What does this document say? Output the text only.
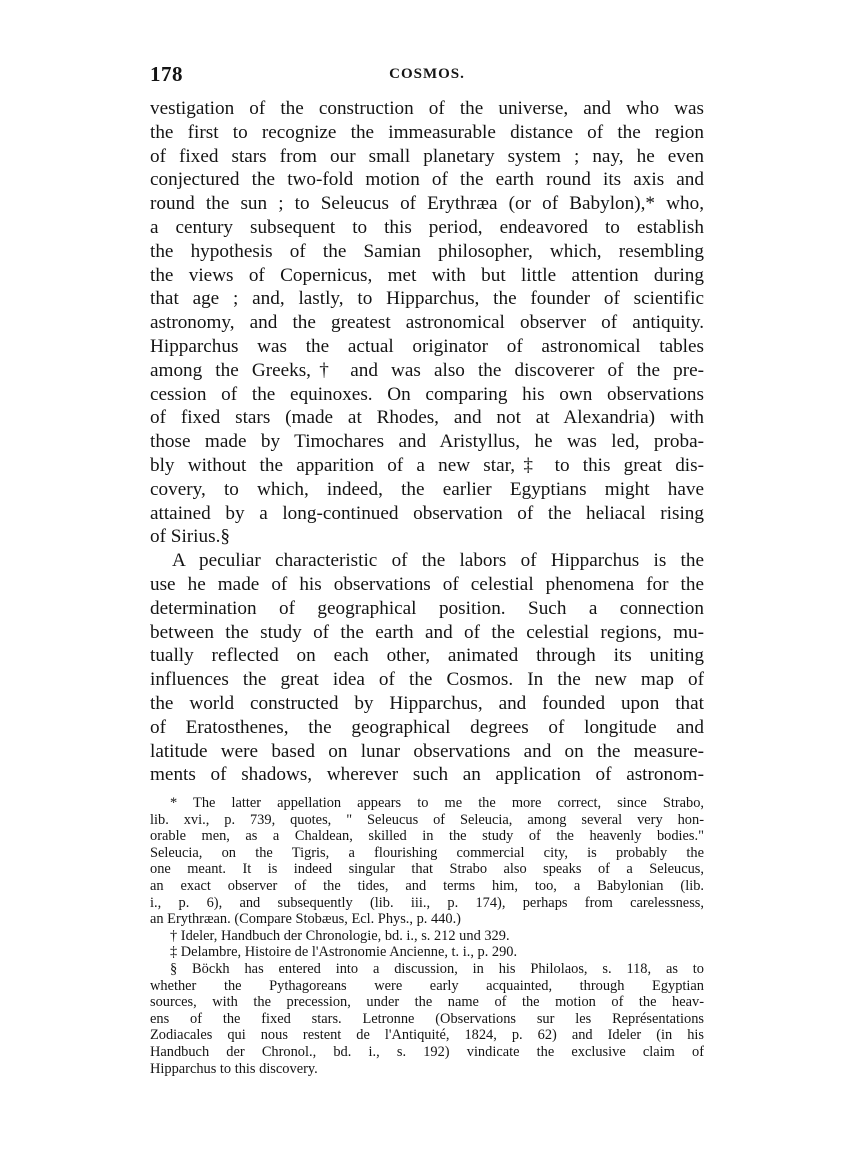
178	COSMOS.
vestigation of the construction of the universe, and who was
the first to recognize the immeasurable distance of the region
of fixed stars from our small planetary system ; nay, he even
conjectured the two-fold motion of the earth round its axis and
round the sun ; to Seleucus of Erythræa (or of Babylon),* who,
a century subsequent to this period, endeavored to establish
the hypothesis of the Samian philosopher, which, resembling
the views of Copernicus, met with but little attention during
that age ; and, lastly, to Hipparchus, the founder of scientific
astronomy, and the greatest astronomical observer of antiquity.
Hipparchus was the actual originator of astronomical tables
among the Greeks,† and was also the discoverer of the pre-
cession of the equinoxes. On comparing his own observations
of fixed stars (made at Rhodes, and not at Alexandria) with
those made by Timochares and Aristyllus, he was led, proba-
bly without the apparition of a new star,‡ to this great dis-
covery, to which, indeed, the earlier Egyptians might have
attained by a long-continued observation of the heliacal rising
of Sirius.§
A peculiar characteristic of the labors of Hipparchus is the
use he made of his observations of celestial phenomena for the
determination of geographical position. Such a connection
between the study of the earth and of the celestial regions, mu-
tually reflected on each other, animated through its uniting
influences the great idea of the Cosmos. In the new map of
the world constructed by Hipparchus, and founded upon that
of Eratosthenes, the geographical degrees of longitude and
latitude were based on lunar observations and on the measure-
ments of shadows, wherever such an application of astronom-
* The latter appellation appears to me the more correct, since Strabo,
lib. xvi., p. 739, quotes, " Seleucus of Seleucia, among several very hon-
orable men, as a Chaldean, skilled in the study of the heavenly bodies."
Seleucia, on the Tigris, a flourishing commercial city, is probably the
one meant. It is indeed singular that Strabo also speaks of a Seleucus,
an exact observer of the tides, and terms him, too, a Babylonian (lib.
i., p. 6), and subsequently (lib. iii., p. 174), perhaps from carelessness,
an Erythræan. (Compare Stobæus, Ecl. Phys., p. 440.)
† Ideler, Handbuch der Chronologie, bd. i., s. 212 und 329.
‡ Delambre, Histoire de l'Astronomie Ancienne, t. i., p. 290.
§ Böckh has entered into a discussion, in his Philolaos, s. 118, as to
whether the Pythagoreans were early acquainted, through Egyptian
sources, with the precession, under the name of the motion of the heav-
ens of the fixed stars. Letronne (Observations sur les Représentations
Zodiacales qui nous restent de l'Antiquité, 1824, p. 62) and Ideler (in his
Handbuch der Chronol., bd. i., s. 192) vindicate the exclusive claim of
Hipparchus to this discovery.
